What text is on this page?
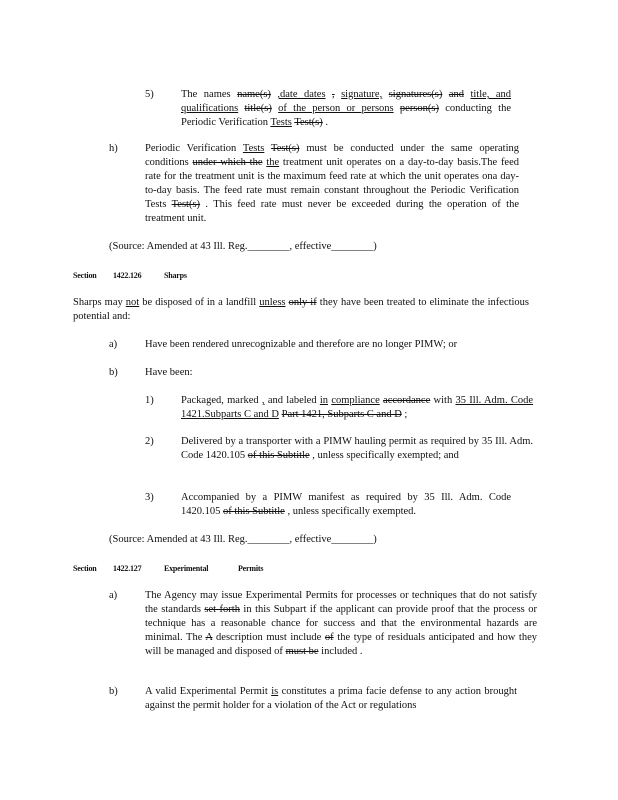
5)	The names name(s) ,date dates , signature, signatures(s) and title, and qualifications title(s) of the person or persons person(s) conducting the Periodic Verification Tests Test(s) .
h)	Periodic Verification Tests Test(s) must be conducted under the same operating conditions under which the the treatment unit operates on a day-to-day basis.The feed rate for the treatment unit is the maximum feed rate at which the unit operates ona day-to-day basis. The feed rate must remain constant throughout the Periodic Verification Tests Test(s) . This feed rate must never be exceeded during the operation of the treatment unit.
(Source: Amended at 43 Ill. Reg.________, effective________)
Section 1422.126	Sharps
Sharps may not be disposed of in a landfill unless only if they have been treated to eliminate the infectious potential and:
a)	Have been rendered unrecognizable and therefore are no longer PIMW; or
b)	Have been:
1)	Packaged, marked , and labeled in compliance accordance with 35 Ill. Adm. Code 1421.Subparts C and D Part 1421, Subparts C and D ;
2)	Delivered by a transporter with a PIMW hauling permit as required by 35 Ill. Adm. Code 1420.105 of this Subtitle , unless specifically exempted; and
3)	Accompanied by a PIMW manifest as required by 35 Ill. Adm. Code 1420.105 of this Subtitle , unless specifically exempted.
(Source: Amended at 43 Ill. Reg.________, effective________)
Section 1422.127	Experimental	Permits
a)	The Agency may issue Experimental Permits for processes or techniques that do not satisfy the standards set forth in this Subpart if the applicant can provide proof that the process or technique has a reasonable chance for success and that the environmental hazards are minimal. The A description must include of the type of residuals anticipated and how they will be managed and disposed of must be included .
b)	A valid Experimental Permit is constitutes a prima facie defense to any action brought against the permit holder for a violation of the Act or regulations
